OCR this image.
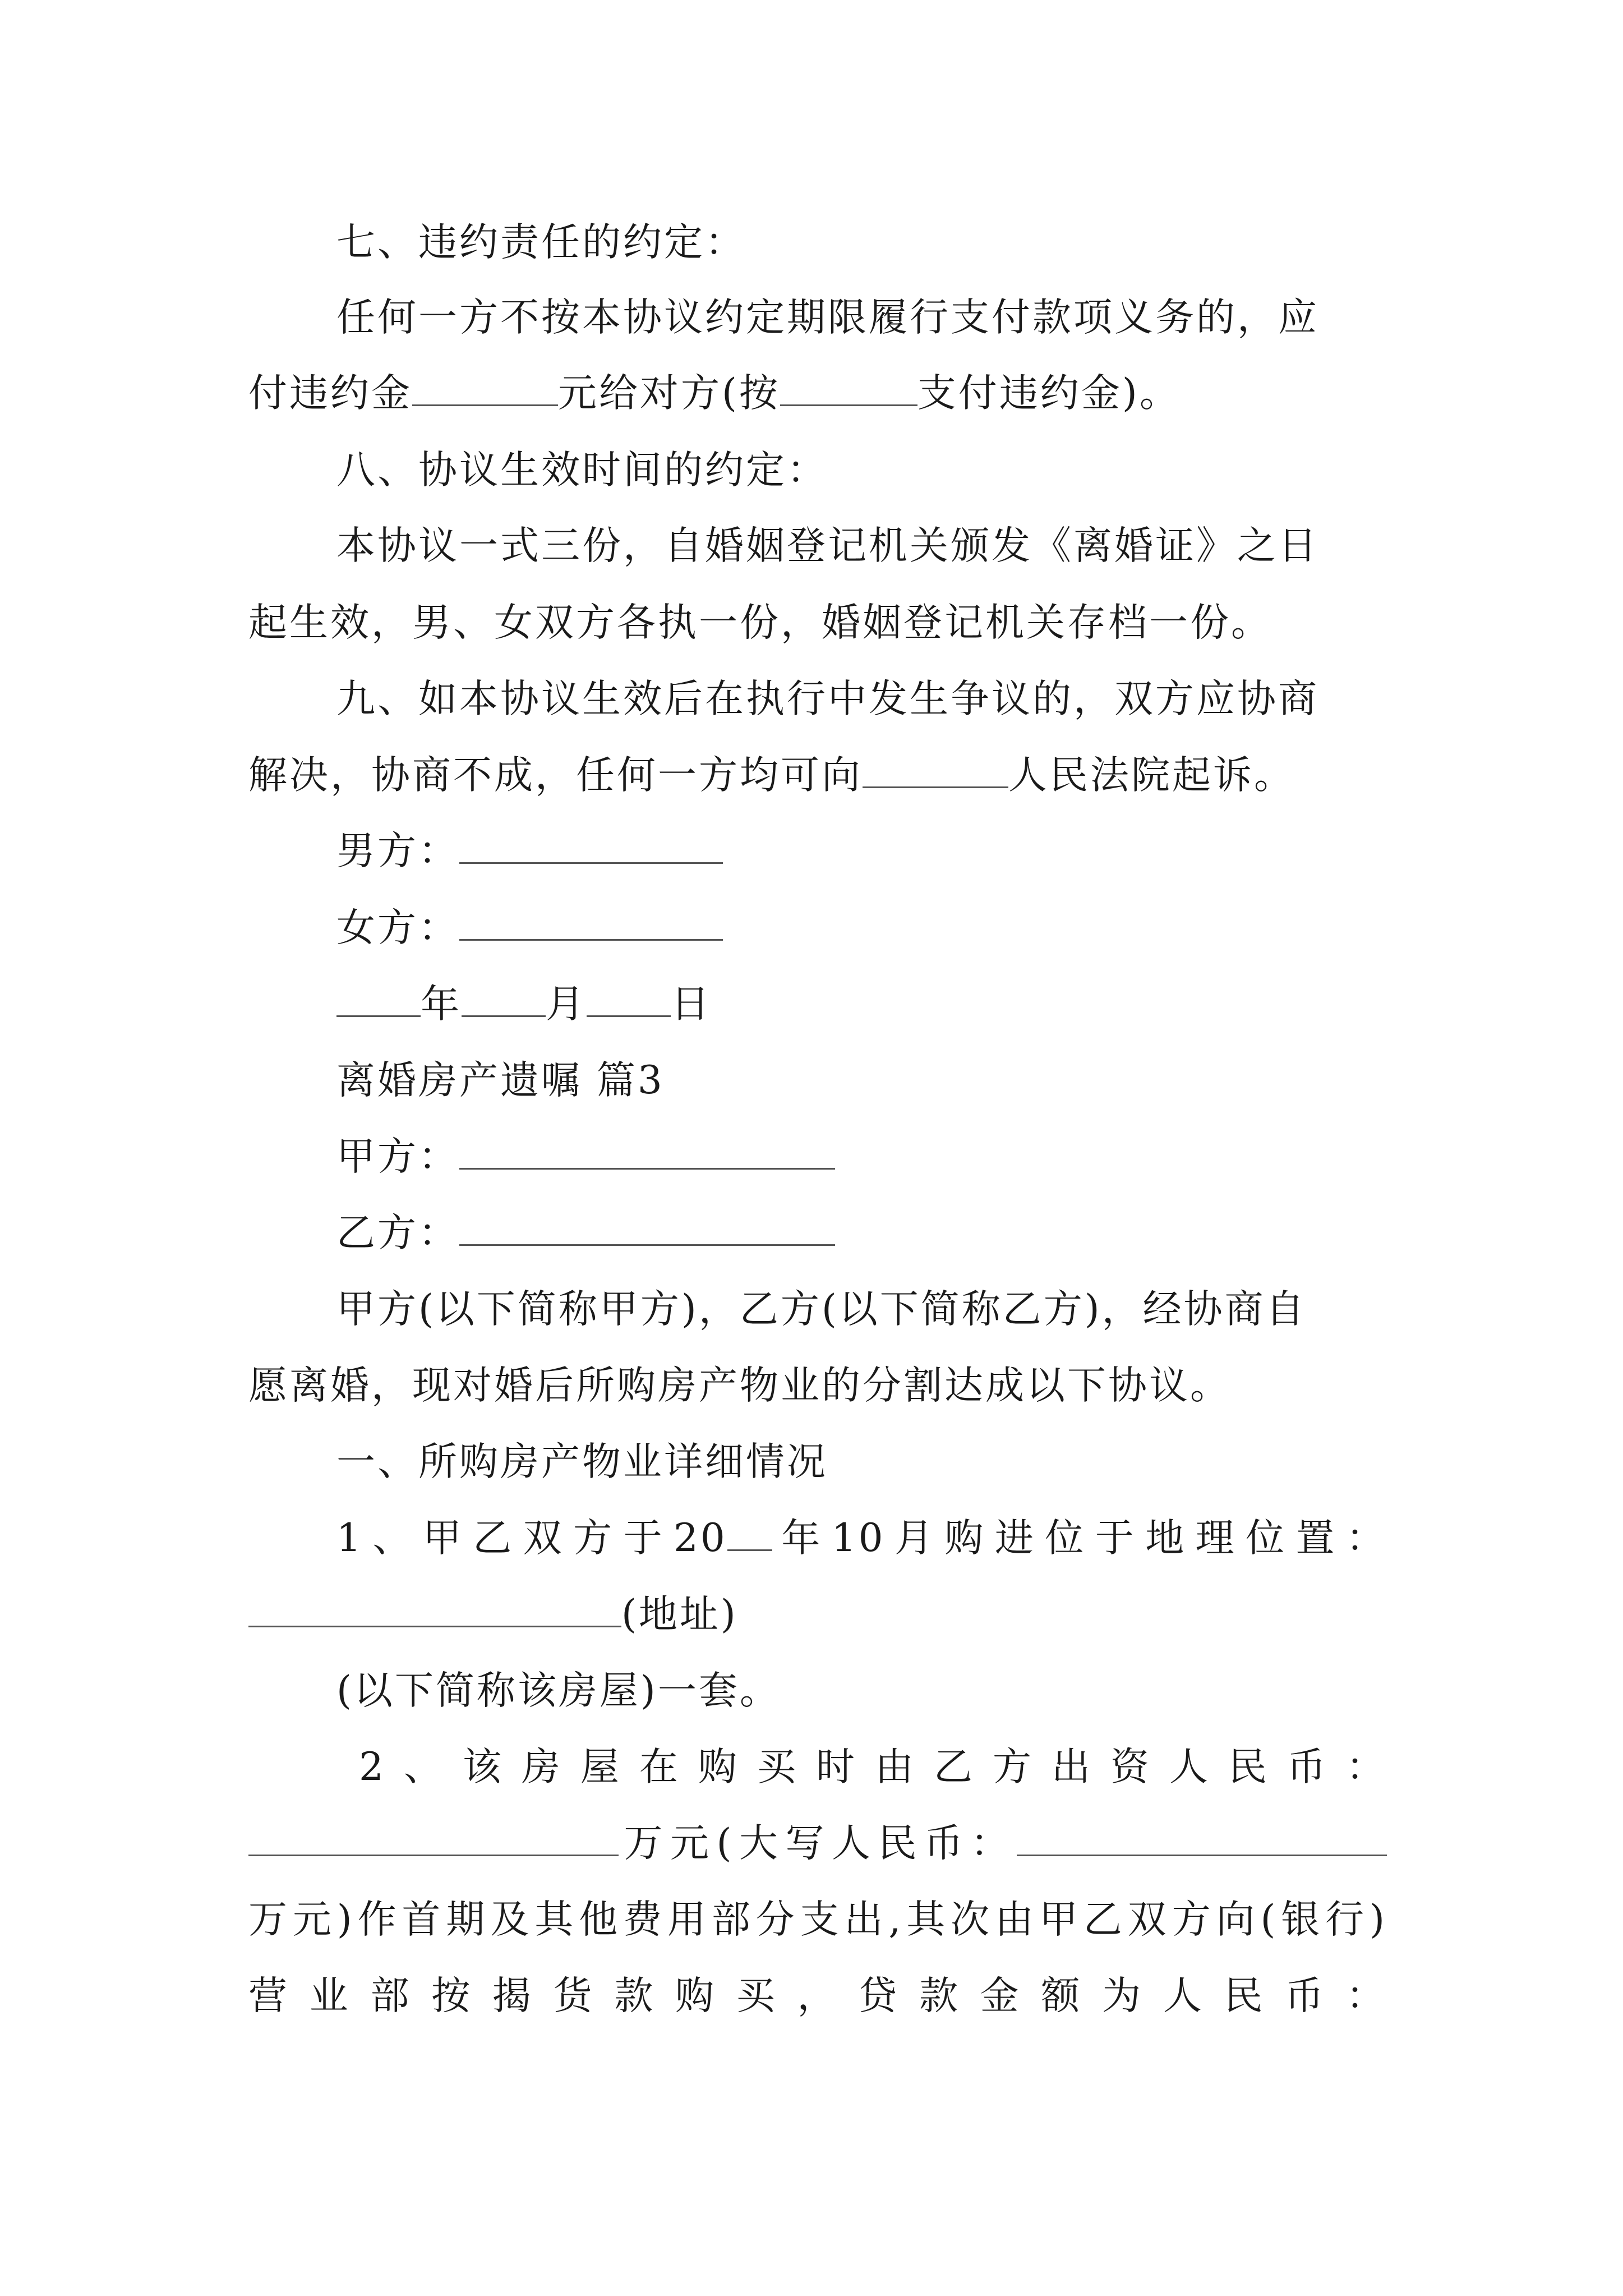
七、违约责任的约定：
任何一方不按本协议约定期限履行支付款项义务的，应
付违约金	元给对方(按	支付违约金)。
八、协议生效时间的约定：
本协议一式三份，自婚姻登记机关颁发《离婚证》之日
起生效，男、女双方各执一份，婚姻登记机关存档一份。
九、如本协议生效后在执行中发生争议的，双方应协商
解决，协商不成，任何一方均可向	人民法院起诉。
男方：
女方：
年 月 日
离婚房产遗嘱 篇3
甲方：
乙方：
甲方(以下简称甲方)，乙方(以下简称乙方)，经协商自
愿离婚，现对婚后所购房产物业的分割达成以下协议。
一、所购房产物业详细情况
1、甲乙双方于20 年10月购进位于地理位置：
(地址)
(以下简称该房屋)一套。
2、该房屋在购买时由乙方出资人民币：
万元(大写人民币：
万元)作首期及其他费用部分支出,其次由甲乙双方向(银行)
营业部按揭货款购买，贷款金额为人民币：
